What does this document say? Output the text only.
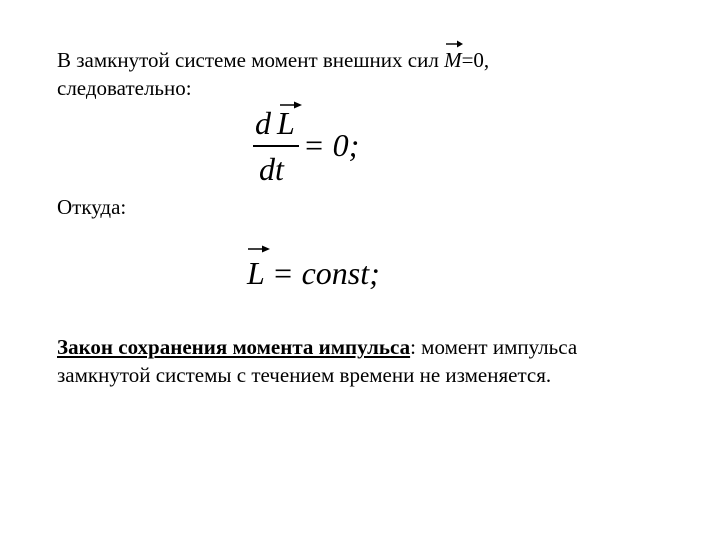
В замкнутой системе момент внешних сил
M=0,
следовательно:
d L
dt
= 0;
Откуда:
L = const;
Закон сохранения момента импульса: момент импульса
замкнутой системы с течением времени не изменяется.
